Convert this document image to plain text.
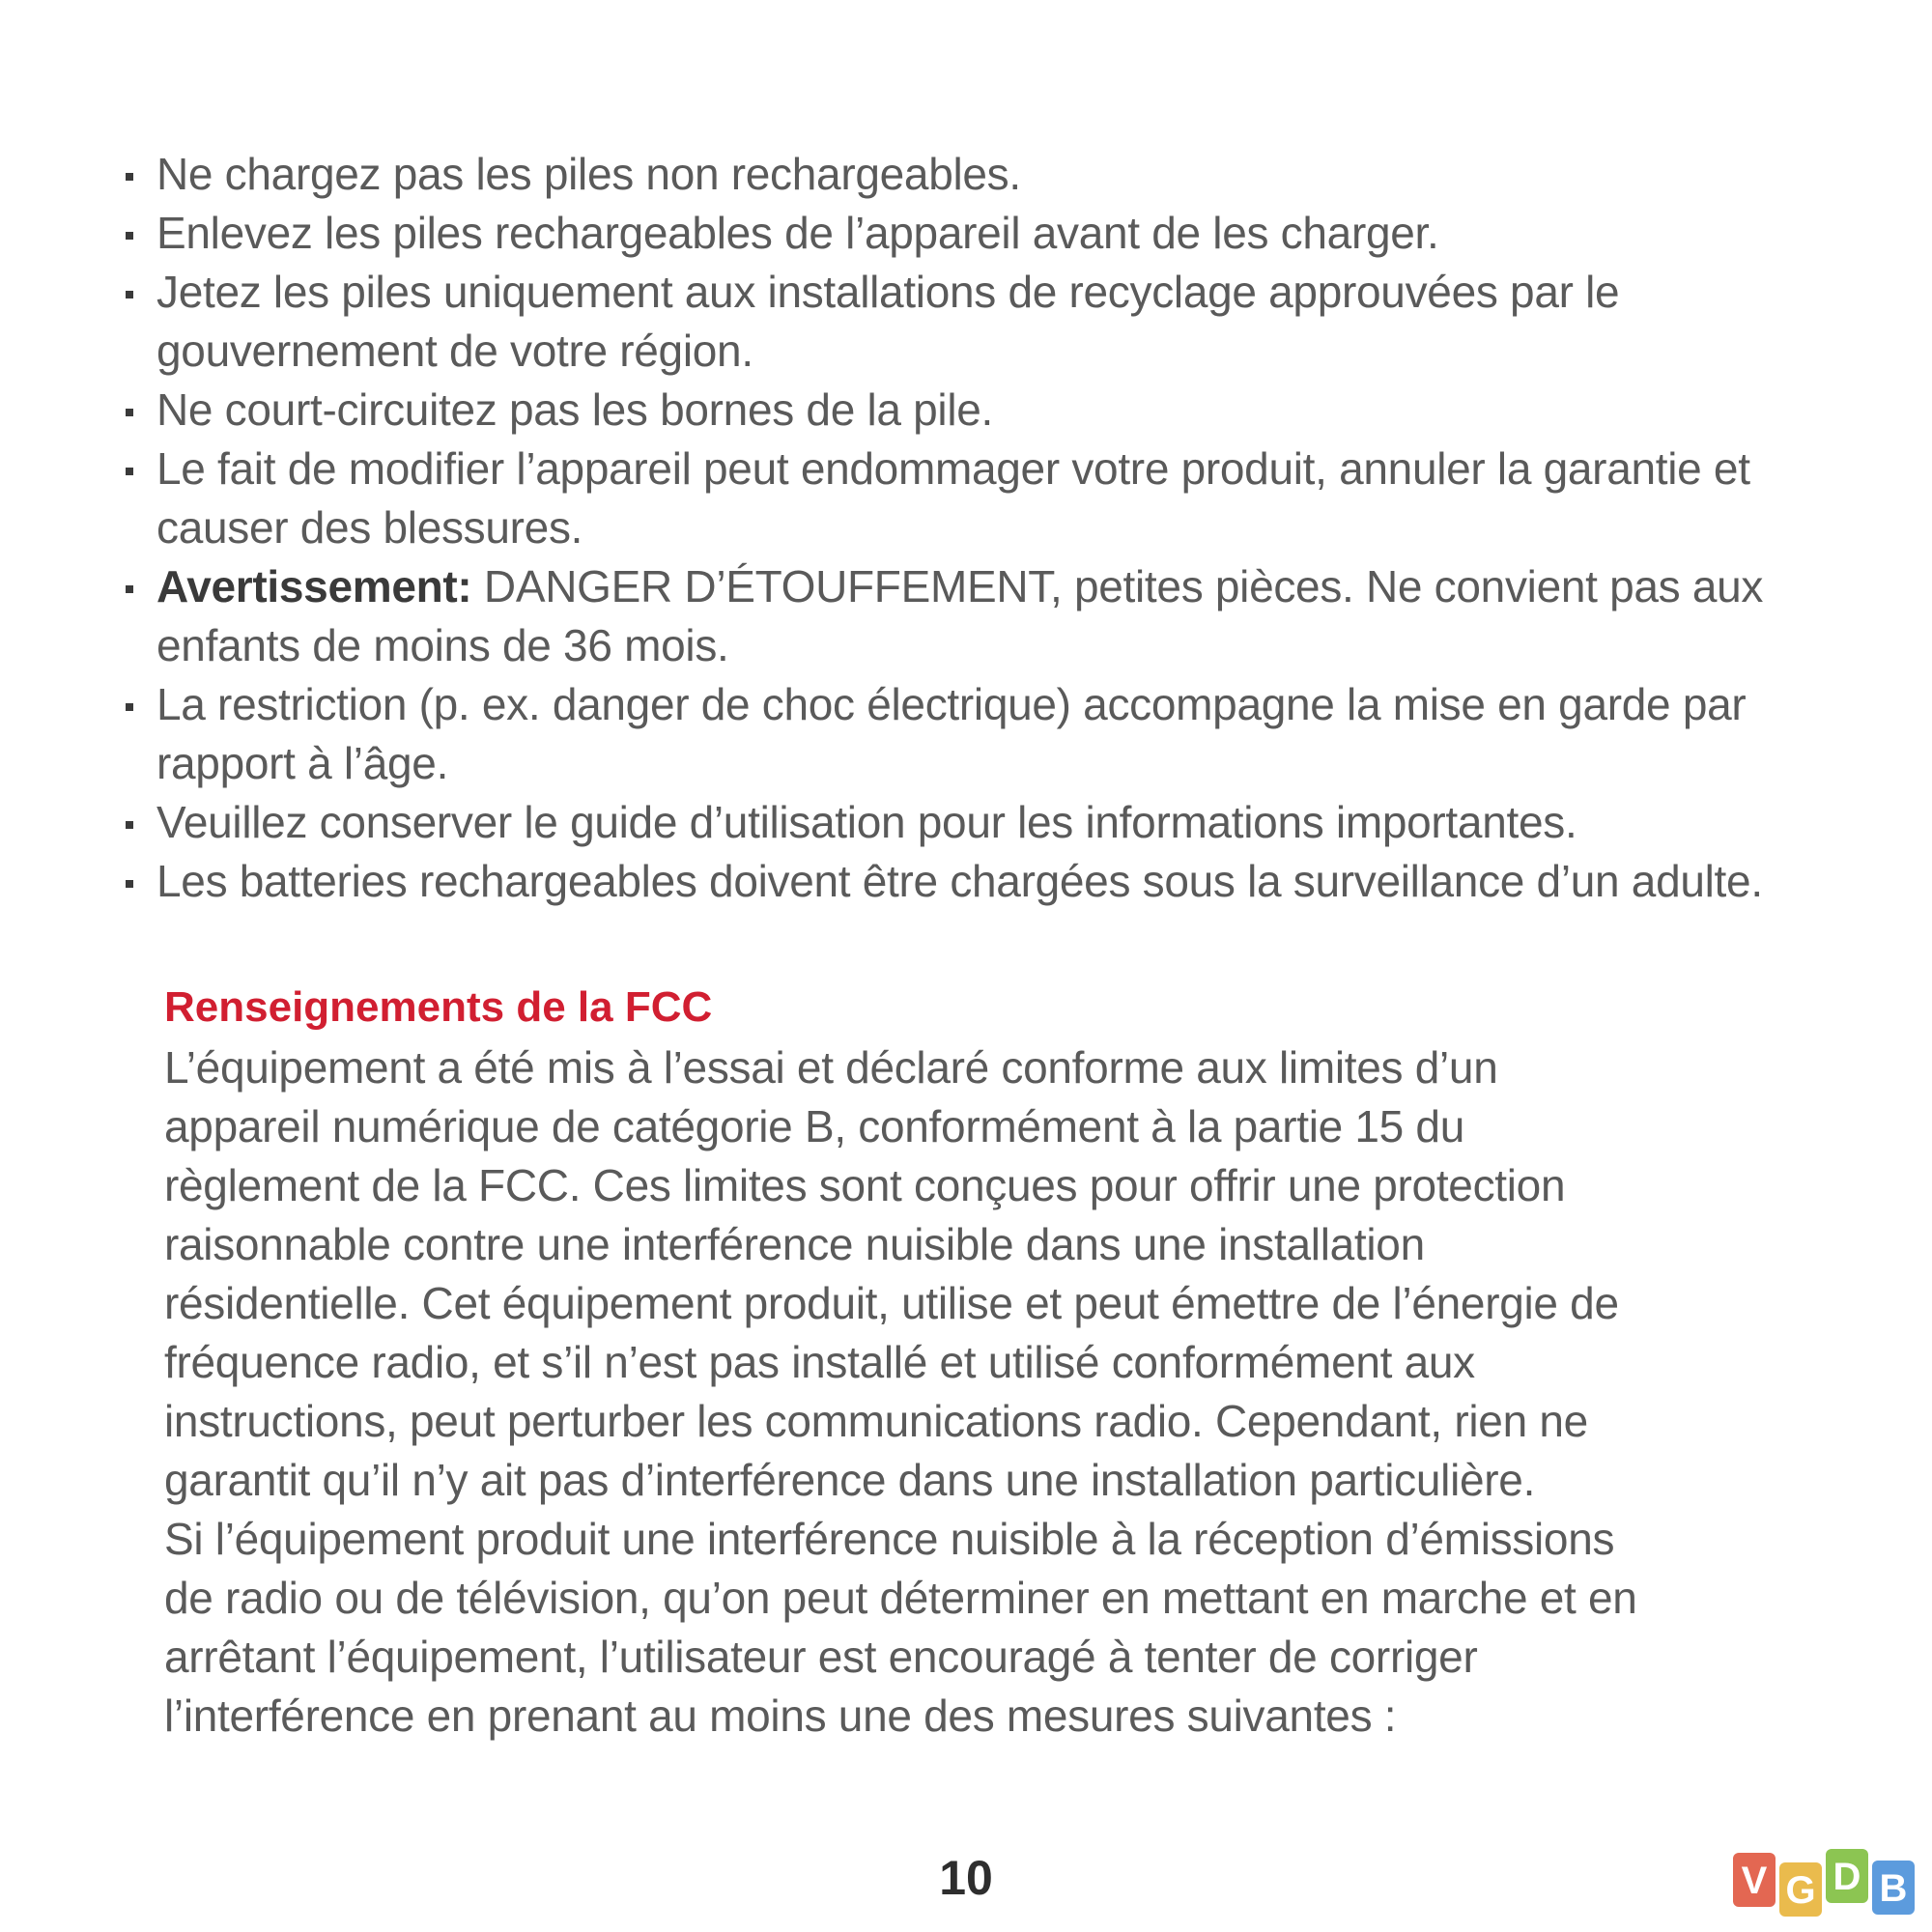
Ne chargez pas les piles non rechargeables.
Enlevez les piles rechargeables de l’appareil avant de les charger.
Jetez les piles uniquement aux installations de recyclage approuvées par le gouvernement de votre région.
Ne court-circuitez pas les bornes de la pile.
Le fait de modifier l’appareil peut endommager votre produit, annuler la garantie et causer des blessures.
Avertissement: DANGER D’ÉTOUFFEMENT, petites pièces. Ne convient pas aux enfants de moins de 36 mois.
La restriction (p. ex. danger de choc électrique) accompagne la mise en garde par rapport à l’âge.
Veuillez conserver le guide d’utilisation pour les informations importantes.
Les batteries rechargeables doivent être chargées sous la surveillance d’un adulte.
Renseignements de la FCC

L’équipement a été mis à l’essai et déclaré conforme aux limites d’un
appareil numérique de catégorie B, conformément à la partie 15 du
règlement de la FCC. Ces limites sont conçues pour offrir une protection
raisonnable contre une interférence nuisible dans une installation
résidentielle. Cet équipement produit, utilise et peut émettre de l’énergie de
fréquence radio, et s’il n’est pas installé et utilisé conformément aux
instructions, peut perturber les communications radio. Cependant, rien ne
garantit qu’il n’y ait pas d’interférence dans une installation particulière.

Si l’équipement produit une interférence nuisible à la réception d’émissions
de radio ou de télévision, qu’on peut déterminer en mettant en marche et en
arrêtant l’équipement, l’utilisateur est encouragé à tenter de corriger
l’interférence en prenant au moins une des mesures suivantes :

10	V G D B
